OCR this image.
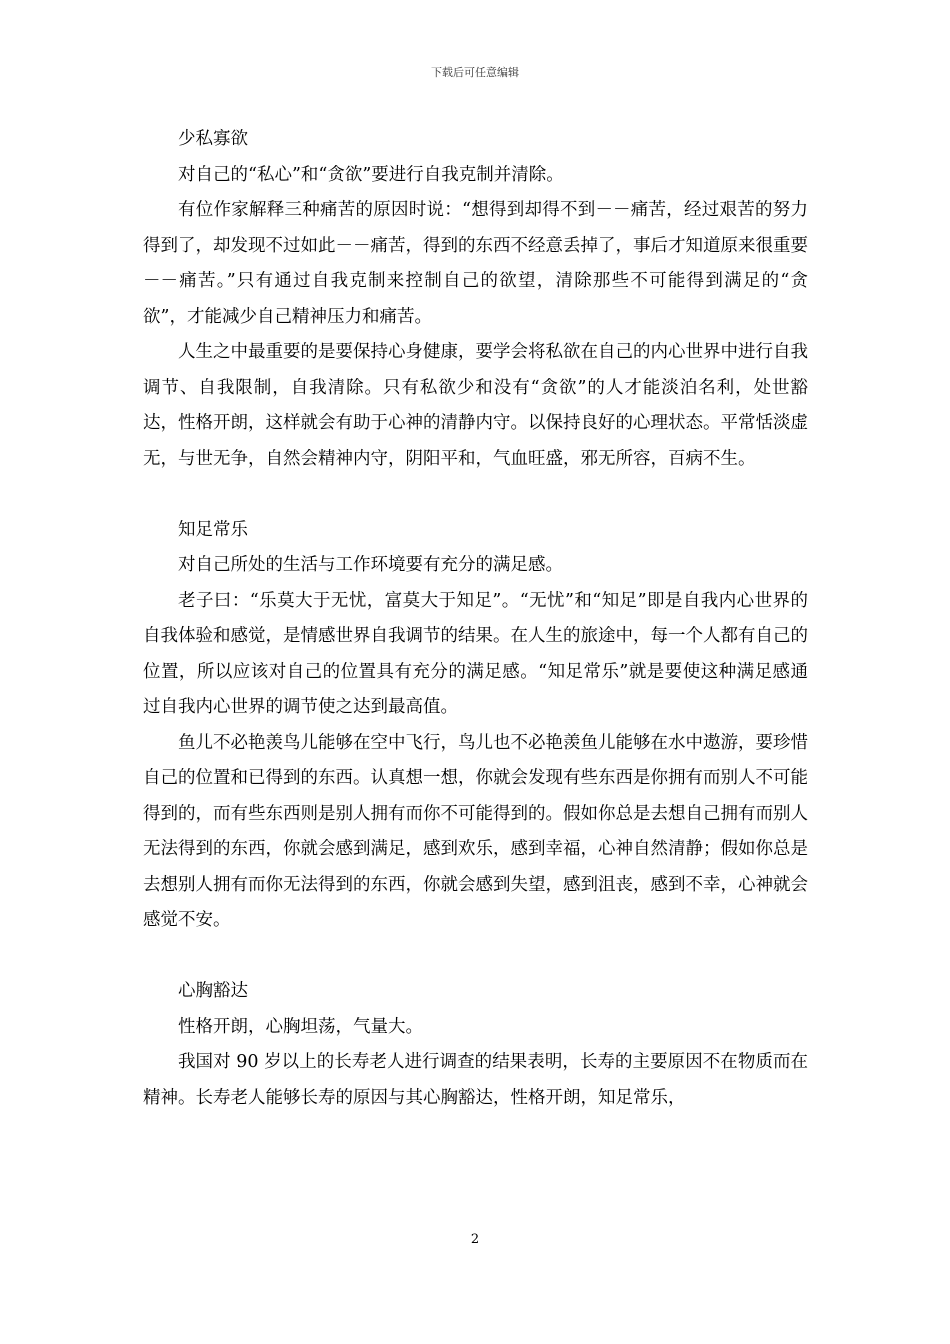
下载后可任意编辑

少私寡欲

对自己的“私心”和“贪欲”要进行自我克制并清除。

有位作家解释三种痛苦的原因时说：“想得到却得不到－－痛苦，经过艰苦的努力得到了，却发现不过如此－－痛苦，得到的东西不经意丢掉了，事后才知道原来很重要－－痛苦。”只有通过自我克制来控制自己的欲望，清除那些不可能得到满足的“贪欲”，才能减少自己精神压力和痛苦。

人生之中最重要的是要保持心身健康，要学会将私欲在自己的内心世界中进行自我调节、自我限制，自我清除。只有私欲少和没有“贪欲”的人才能淡泊名利，处世豁达，性格开朗，这样就会有助于心神的清静内守。以保持良好的心理状态。平常恬淡虚无，与世无争，自然会精神内守，阴阳平和，气血旺盛，邪无所容，百病不生。

知足常乐

对自己所处的生活与工作环境要有充分的满足感。

老子曰：“乐莫大于无忧，富莫大于知足”。“无忧”和“知足”即是自我内心世界的自我体验和感觉，是情感世界自我调节的结果。在人生的旅途中，每一个人都有自己的位置，所以应该对自己的位置具有充分的满足感。“知足常乐”就是要使这种满足感通过自我内心世界的调节使之达到最高值。

鱼儿不必艳羡鸟儿能够在空中飞行，鸟儿也不必艳羡鱼儿能够在水中遨游，要珍惜自己的位置和已得到的东西。认真想一想，你就会发现有些东西是你拥有而别人不可能得到的，而有些东西则是别人拥有而你不可能得到的。假如你总是去想自己拥有而别人无法得到的东西，你就会感到满足，感到欢乐，感到幸福，心神自然清静；假如你总是去想别人拥有而你无法得到的东西，你就会感到失望，感到沮丧，感到不幸，心神就会感觉不安。

心胸豁达

性格开朗，心胸坦荡，气量大。

我国对 90 岁以上的长寿老人进行调查的结果表明，长寿的主要原因不在物质而在精神。长寿老人能够长寿的原因与其心胸豁达，性格开朗，知足常乐，

2
